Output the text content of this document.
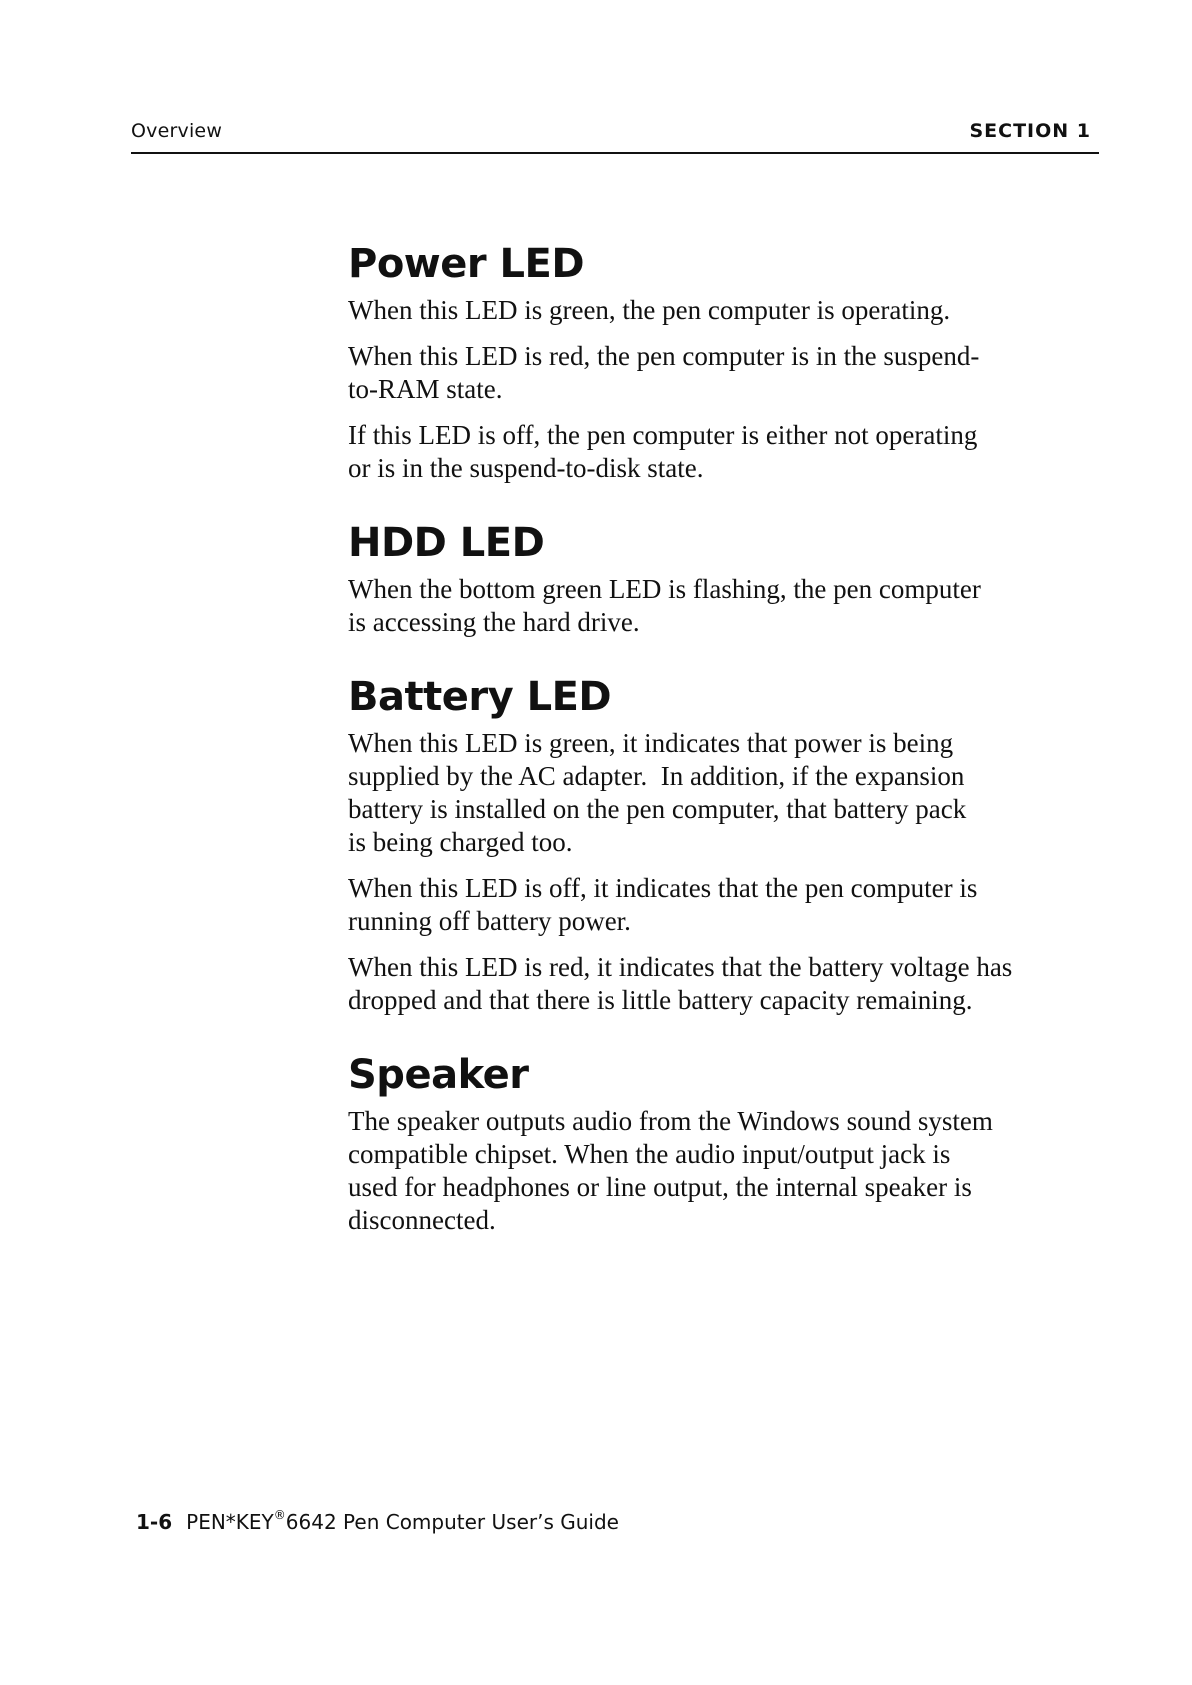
Overview	SECTION 1
Power LED
When this LED is green, the pen computer is operating.
When this LED is red, the pen computer is in the suspend-
to-RAM state.
If this LED is off, the pen computer is either not operating
or is in the suspend-to-disk state.
HDD LED
When the bottom green LED is flashing, the pen computer
is accessing the hard drive.
Battery LED
When this LED is green, it indicates that power is being
supplied by the AC adapter.  In addition, if the expansion
battery is installed on the pen computer, that battery pack
is being charged too.
When this LED is off, it indicates that the pen computer is
running off battery power.
When this LED is red, it indicates that the battery voltage has
dropped and that there is little battery capacity remaining.
Speaker
The speaker outputs audio from the Windows sound system
compatible chipset. When the audio input/output jack is
used for headphones or line output, the internal speaker is
disconnected.
1-6 PEN*KEY®6642 Pen Computer User’s Guide
